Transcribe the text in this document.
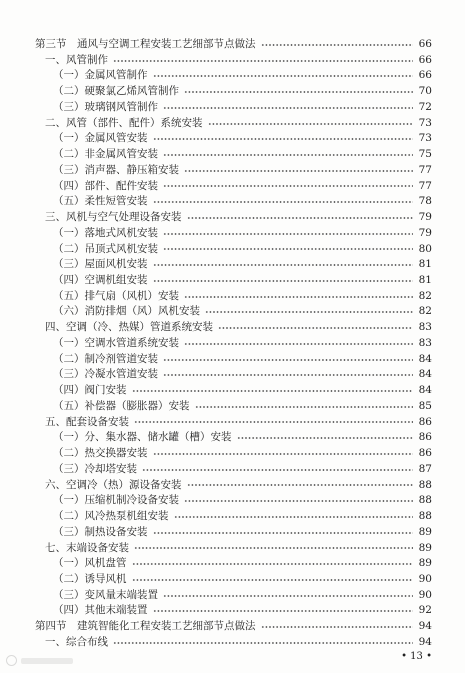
第三节　通风与空调工程安装工艺细部节点做法	66
一、风管制作	66
（一）金属风管制作	66
（二）硬聚氯乙烯风管制作	70
（三）玻璃钢风管制作	72
二、风管（部件、配件）系统安装	73
（一）金属风管安装	73
（二）非金属风管安装	75
（三）消声器、静压箱安装	77
（四）部件、配件安装	77
（五）柔性短管安装	78
三、风机与空气处理设备安装	79
（一）落地式风机安装	79
（二）吊顶式风机安装	80
（三）屋面风机安装	81
（四）空调机组安装	81
（五）排气扇（风机）安装	82
（六）消防排烟（风）风机安装	82
四、空调（冷、热媒）管道系统安装	83
（一）空调水管道系统安装	83
（二）制冷剂管道安装	84
（三）冷凝水管道安装	84
（四）阀门安装	84
（五）补偿器（膨胀器）安装	85
五、配套设备安装	86
（一）分、集水器、储水罐（槽）安装	86
（二）热交换器安装	86
（三）冷却塔安装	87
六、空调冷（热）源设备安装	88
（一）压缩机制冷设备安装	88
（二）风冷热泵机组安装	88
（三）制热设备安装	89
七、末端设备安装	89
（一）风机盘管	89
（二）诱导风机	90
（三）变风量末端装置	90
（四）其他末端装置	92
第四节　建筑智能化工程安装工艺细部节点做法	94
一、综合布线	94
• 13 •
